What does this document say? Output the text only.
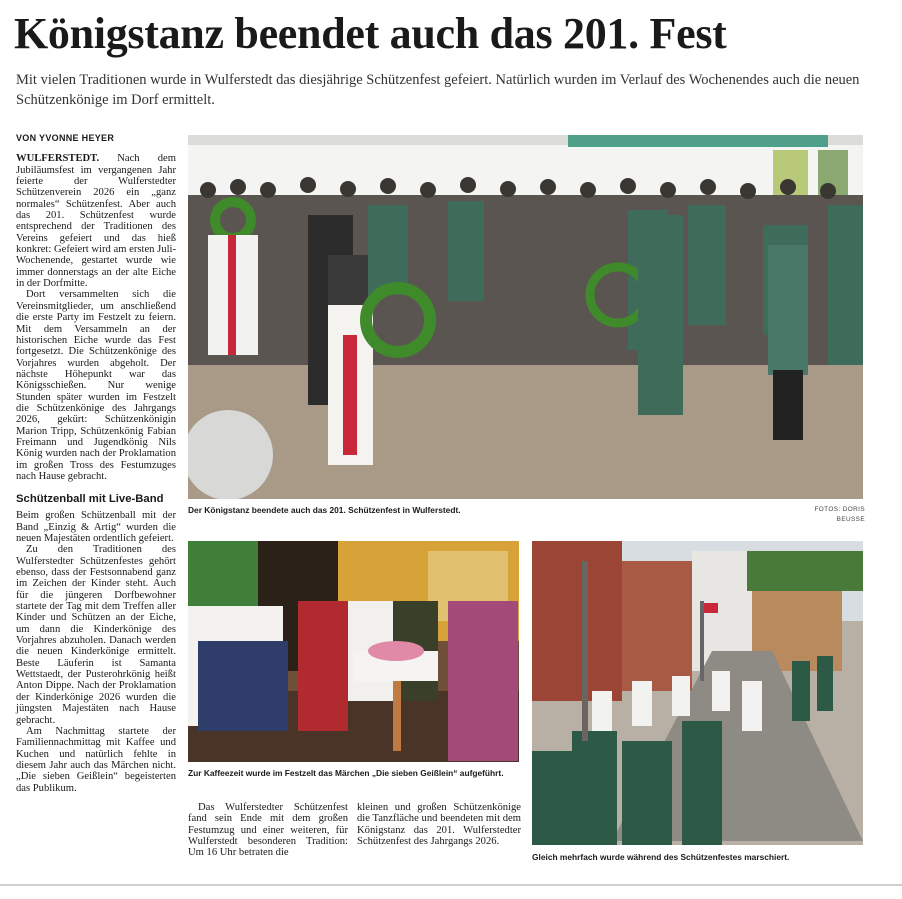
Königstanz beendet auch das 201. Fest

Mit vielen Traditionen wurde in Wulferstedt das diesjährige Schützenfest gefeiert. Natürlich wurden im Verlauf des Wochenendes auch die neuen Schützenkönige im Dorf ermittelt.

VON YVONNE HEYER

WULFERSTEDT. Nach dem Jubiläumsfest im vergangenen Jahr feierte der Wulferstedter Schützenverein 2026 ein „ganz normales“ Schützenfest. Aber auch das 201. Schützenfest wurde entsprechend der Traditionen des Vereins gefeiert und das hieß konkret: Gefeiert wird am ersten Juli-Wochenende, gestartet wurde wie immer donnerstags an der alte Eiche in der Dorfmitte.

Dort versammelten sich die Vereinsmitglieder, um anschließend die erste Party im Festzelt zu feiern. Mit dem Versammeln an der historischen Eiche wurde das Fest fortgesetzt. Die Schützenkönige des Vorjahres wurden abgeholt. Der nächste Höhepunkt war das Königsschießen. Nur wenige Stunden später wurden im Festzelt die Schützenkönige des Jahrgangs 2026, gekürt: Schützenkönigin Marion Tripp, Schützenkönig Fabian Freimann und Jugendkönig Nils König wurden nach der Proklamation im großen Tross des Festumzuges nach Hause gebracht.

Schützenball mit Live-Band

Beim großen Schützenball mit der Band „Einzig & Artig“ wurden die neuen Majestäten ordentlich gefeiert.

Zu den Traditionen des Wulferstedter Schützenfestes gehört ebenso, dass der Festsonnabend ganz im Zeichen der Kinder steht. Auch für die jüngeren Dorfbewohner startete der Tag mit dem Treffen aller Kinder und Schützen an der Eiche, um dann die Kinderkönige des Vorjahres abzuholen. Danach werden die neuen Kinderkönige ermittelt. Beste Läuferin ist Samanta Wettstaedt, der Pusterohrkönig heißt Anton Dippe. Nach der Proklamation der Kinderkönige 2026 wurden die jüngsten Majestäten nach Hause gebracht.

Am Nachmittag startete der Familiennachmittag mit Kaffee und Kuchen und natürlich fehlte in diesem Jahr auch das Märchen nicht. „Die sieben Geißlein“ begeisterten das Publikum.

Das Wulferstedter Schützenfest fand sein Ende mit dem großen Festumzug und einer weiteren, für Wulferstedt besonderen Tradition: Um 16 Uhr betraten die

kleinen und großen Schützenkönige die Tanzfläche und beendeten mit dem Königstanz das 201. Wulferstedter Schützenfest des Jahrgangs 2026.

Der Königstanz beendete auch das 201. Schützenfest in Wulferstedt.	FOTOS: DORIS BEUSSE
Zur Kaffeezeit wurde im Festzelt das Märchen „Die sieben Geißlein“ aufgeführt.
Gleich mehrfach wurde während des Schützenfestes marschiert.
